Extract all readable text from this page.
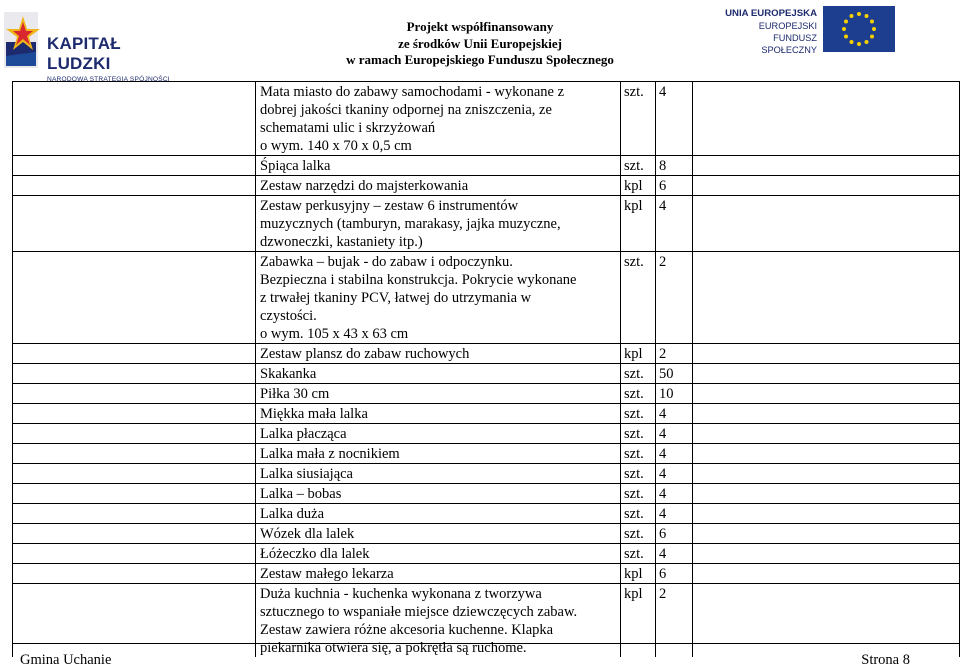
KAPITAŁ LUDZKI
NARODOWA STRATEGIA SPÓJNOŚCI
Projekt współfinansowany
ze środków Unii Europejskiej
w ramach Europejskiego Funduszu Społecznego
UNIA EUROPEJSKA
EUROPEJSKI
FUNDUSZ SPOŁECZNY

	Mata miasto do zabawy samochodami - wykonane z
dobrej jakości tkaniny odpornej na zniszczenia, ze
schematami ulic i skrzyżowań
o wym. 140 x 70 x 0,5 cm	szt.	4	

	Śpiąca lalka	szt.	8	

	Zestaw narzędzi do majsterkowania	kpl	6	

	Zestaw perkusyjny – zestaw 6 instrumentów
muzycznych (tamburyn, marakasy, jajka muzyczne,
dzwoneczki, kastaniety itp.)	kpl	4	

	Zabawka – bujak - do zabaw i odpoczynku.
Bezpieczna i stabilna konstrukcja. Pokrycie wykonane
z trwałej tkaniny PCV, łatwej do utrzymania w
czystości.
o wym. 105 x 43 x 63 cm	szt.	2	

	Zestaw plansz do zabaw ruchowych	kpl	2	

	Skakanka	szt.	50	

	Piłka 30 cm	szt.	10	

	Miękka mała lalka	szt.	4	

	Lalka płacząca	szt.	4	

	Lalka mała z nocnikiem	szt.	4	

	Lalka siusiająca	szt.	4	

	Lalka – bobas	szt.	4	

	Lalka duża	szt.	4	

	Wózek dla lalek	szt.	6	

	Łóżeczko dla lalek	szt.	4	

	Zestaw małego lekarza	kpl	6	

	Duża kuchnia - kuchenka wykonana z tworzywa
sztucznego to wspaniałe miejsce dziewczęcych zabaw.
Zestaw zawiera różne akcesoria kuchenne. Klapka
piekarnika otwiera się, a pokrętła są ruchome.	kpl	2	
Gmina Uchanie	Strona 8
